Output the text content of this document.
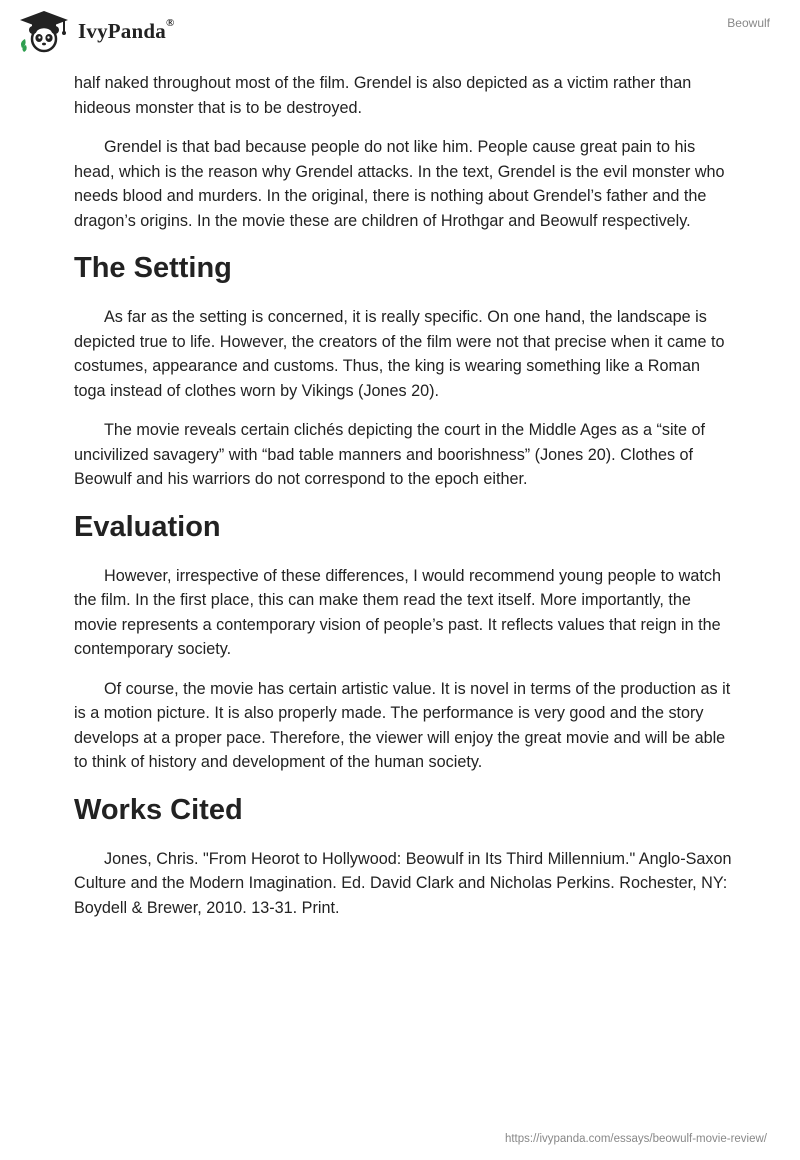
IvyPanda®	Beowulf

half naked throughout most of the film. Grendel is also depicted as a victim rather than hideous monster that is to be destroyed.

Grendel is that bad because people do not like him. People cause great pain to his head, which is the reason why Grendel attacks. In the text, Grendel is the evil monster who needs blood and murders. In the original, there is nothing about Grendel’s father and the dragon’s origins. In the movie these are children of Hrothgar and Beowulf respectively.

The Setting

As far as the setting is concerned, it is really specific. On one hand, the landscape is depicted true to life. However, the creators of the film were not that precise when it came to costumes, appearance and customs. Thus, the king is wearing something like a Roman toga instead of clothes worn by Vikings (Jones 20).

The movie reveals certain clichés depicting the court in the Middle Ages as a “site of uncivilized savagery” with “bad table manners and boorishness” (Jones 20). Clothes of Beowulf and his warriors do not correspond to the epoch either.

Evaluation

However, irrespective of these differences, I would recommend young people to watch the film. In the first place, this can make them read the text itself. More importantly, the movie represents a contemporary vision of people’s past. It reflects values that reign in the contemporary society.

Of course, the movie has certain artistic value. It is novel in terms of the production as it is a motion picture. It is also properly made. The performance is very good and the story develops at a proper pace. Therefore, the viewer will enjoy the great movie and will be able to think of history and development of the human society.

Works Cited

Jones, Chris. "From Heorot to Hollywood: Beowulf in Its Third Millennium." Anglo-Saxon Culture and the Modern Imagination. Ed. David Clark and Nicholas Perkins. Rochester, NY: Boydell & Brewer, 2010. 13-31. Print.

https://ivypanda.com/essays/beowulf-movie-review/
